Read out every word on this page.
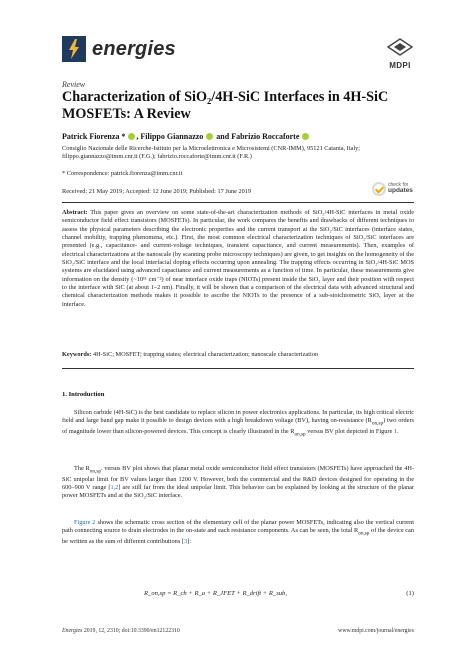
energies
MDPI
Review
Characterization of SiO₂/4H-SiC Interfaces in 4H-SiC MOSFETs: A Review
Patrick Fiorenza * , Filippo Giannazzo  and Fabrizio Roccaforte
Consiglio Nazionale delle Ricerche-Istituto per la Microelettronica e Microsistemi (CNR-IMM), 95121 Catania, Italy; filippo.giannazzo@imm.cnr.it (F.G.); fabrizio.roccaforte@imm.cnr.it (F.R.)
* Correspondence: patrick.fiorenza@imm.cnr.it
Received: 21 May 2019; Accepted: 12 June 2019; Published: 17 June 2019
check for
updates
Abstract: This paper gives an overview on some state-of-the-art characterization methods of SiO₂/4H-SiC interfaces in metal oxide semiconductor field effect transistors (MOSFETs). In particular, the work compares the benefits and drawbacks of different techniques to assess the physical parameters describing the electronic properties and the current transport at the SiO₂/SiC interfaces (interface states, channel mobility, trapping phenomena, etc.). First, the most common electrical characterization techniques of SiO₂/SiC interfaces are presented (e.g., capacitance- and current-voltage techniques, transient capacitance, and current measurements). Then, examples of electrical characterizations at the nanoscale (by scanning probe microscopy techniques) are given, to get insights on the homogeneity of the SiO₂/SiC interface and the local interfacial doping effects occurring upon annealing. The trapping effects occurring in SiO₂/4H-SiC MOS systems are elucidated using advanced capacitance and current measurements as a function of time. In particular, these measurements give information on the density (~10¹¹ cm⁻²) of near interface oxide traps (NIOTs) present inside the SiO₂ layer and their position with respect to the interface with SiC (at about 1–2 nm). Finally, it will be shown that a comparison of the electrical data with advanced structural and chemical characterization methods makes it possible to ascribe the NIOTs to the presence of a sub-stoichiometric SiOₓ layer at the interface.
Keywords: 4H-SiC; MOSFET; trapping states; electrical characterization; nanoscale characterization
1. Introduction
Silicon carbide (4H-SiC) is the best candidate to replace silicon in power electronics applications. In particular, its high critical electric field and large band gap make it possible to design devices with a high breakdown voltage (BV), having on-resistance $(R_{on,sp})$ two orders of magnitude lower than silicon-powered devices. This concept is clearly illustrated in the $R_{on,sp}$ versus BV plot depicted in Figure 1.
The $R_{on,sp}$. versus BV plot shows that planar metal oxide semiconductor field effect transistors (MOSFETs) have approached the 4H-SiC unipolar limit for BV values larger than 1200 V. However, both the commercial and the R&D devices designed for operating in the 600–900 V range [1,2] are still far from the ideal unipolar limit. This behavior can be explained by looking at the structure of the planar power MOSFETs and at the SiO₂/SiC interface.
Figure 2 shows the schematic cross section of the elementary cell of the planar power MOSFETs, indicating also the vertical current path connecting source to drain electrodes in the on-state and each resistance components. As can be seen, the total $R_{on,sp}$ of the device can be written as the sum of different contributions [3]:
R_on,sp = R_ch + R_a + R_JFET + R_drift + R_sub,	(1)
Energies 2019, 12, 2310; doi:10.3390/en12122310	www.mdpi.com/journal/energies
